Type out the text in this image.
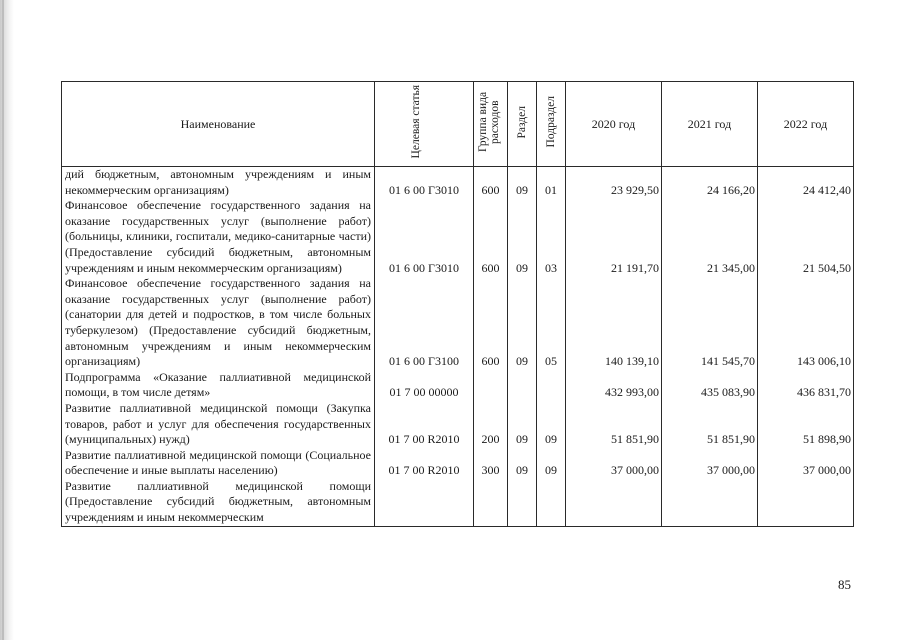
Наименование	Целевая статья	Группа вида расходов	Раздел	Подраздел	2020 год	2021 год	2022 год
дий бюджетным, автономным учреждениям и иным некоммерческим организациям)	01 6 00 Г3010	600	09	01	23 929,50	24 166,20	24 412,40
Финансовое обеспечение государственного задания на оказание государственных услуг (выполнение работ) (больницы, клиники, госпитали, медико-санитарные части) (Предоставление субсидий бюджетным, автономным учреждениям и иным некоммерческим организациям)	01 6 00 Г3010	600	09	03	21 191,70	21 345,00	21 504,50
Финансовое обеспечение государственного задания на оказание государственных услуг (выполнение работ) (санатории для детей и подростков, в том числе больных туберкулезом) (Предоставление субсидий бюджетным, автономным учреждениям и иным некоммерческим организациям)	01 6 00 Г3100	600	09	05	140 139,10	141 545,70	143 006,10
Подпрограмма «Оказание паллиативной медицинской помощи, в том числе детям»	01 7 00 00000				432 993,00	435 083,90	436 831,70
Развитие паллиативной медицинской помощи (Закупка товаров, работ и услуг для обеспечения государственных (муниципальных) нужд)	01 7 00 R2010	200	09	09	51 851,90	51 851,90	51 898,90
Развитие паллиативной медицинской помощи (Социальное обеспечение и иные выплаты населению)	01 7 00 R2010	300	09	09	37 000,00	37 000,00	37 000,00
Развитие паллиативной медицинской помощи (Предоставление субсидий бюджетным, автономным учреждениям и иным некоммерческим							
85
